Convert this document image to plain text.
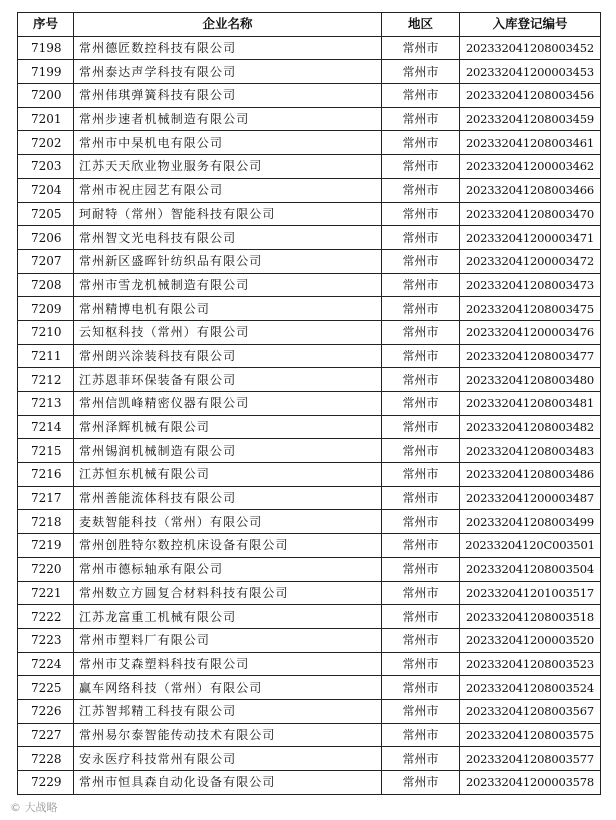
序号	企业名称	地区	入库登记编号
7198	常州德匠数控科技有限公司	常州市	20233204120800345​2
7199	常州泰达声学科技有限公司	常州市	202332041200003453
7200	常州伟琪弹簧科技有限公司	常州市	202332041208003456
7201	常州步速者机械制造有限公司	常州市	202332041208003459
7202	常州市中杲机电有限公司	常州市	202332041208003461
7203	江苏天天欣业物业服务有限公司	常州市	202332041200003462
7204	常州市祝庄园艺有限公司	常州市	202332041208003466
7205	珂耐特（常州）智能科技有限公司	常州市	202332041208003470
7206	常州智文光电科技有限公司	常州市	202332041200003471
7207	常州新区盛晖针纺织品有限公司	常州市	202332041200003472
7208	常州市雪龙机械制造有限公司	常州市	202332041208003473
7209	常州精博电机有限公司	常州市	202332041208003475
7210	云知枢科技（常州）有限公司	常州市	202332041200003476
7211	常州朗兴涂装科技有限公司	常州市	202332041208003477
7212	江苏恩菲环保装备有限公司	常州市	202332041208003480
7213	常州信凯峰精密仪器有限公司	常州市	202332041208003481
7214	常州泽辉机械有限公司	常州市	202332041208003482
7215	常州锡润机械制造有限公司	常州市	202332041208003483
7216	江苏恒东机械有限公司	常州市	202332041208003486
7217	常州善能流体科技有限公司	常州市	202332041200003487
7218	麦麸智能科技（常州）有限公司	常州市	202332041208003499
7219	常州创胜特尔数控机床设备有限公司	常州市	20233204120C003501
7220	常州市德标轴承有限公司	常州市	202332041208003504
7221	常州数立方圆复合材料科技有限公司	常州市	202332041201003517
7222	江苏龙富重工机械有限公司	常州市	202332041208003518
7223	常州市塑料厂有限公司	常州市	202332041200003520
7224	常州市艾森塑料科技有限公司	常州市	202332041208003523
7225	赢车网络科技（常州）有限公司	常州市	202332041208003524
7226	江苏智邦精工科技有限公司	常州市	202332041208003567
7227	常州易尔泰智能传动技术有限公司	常州市	202332041208003575
7228	安永医疗科技常州有限公司	常州市	202332041208003577
7229	常州市恒具森自动化设备有限公司	常州市	202332041200003578
© 大战略
